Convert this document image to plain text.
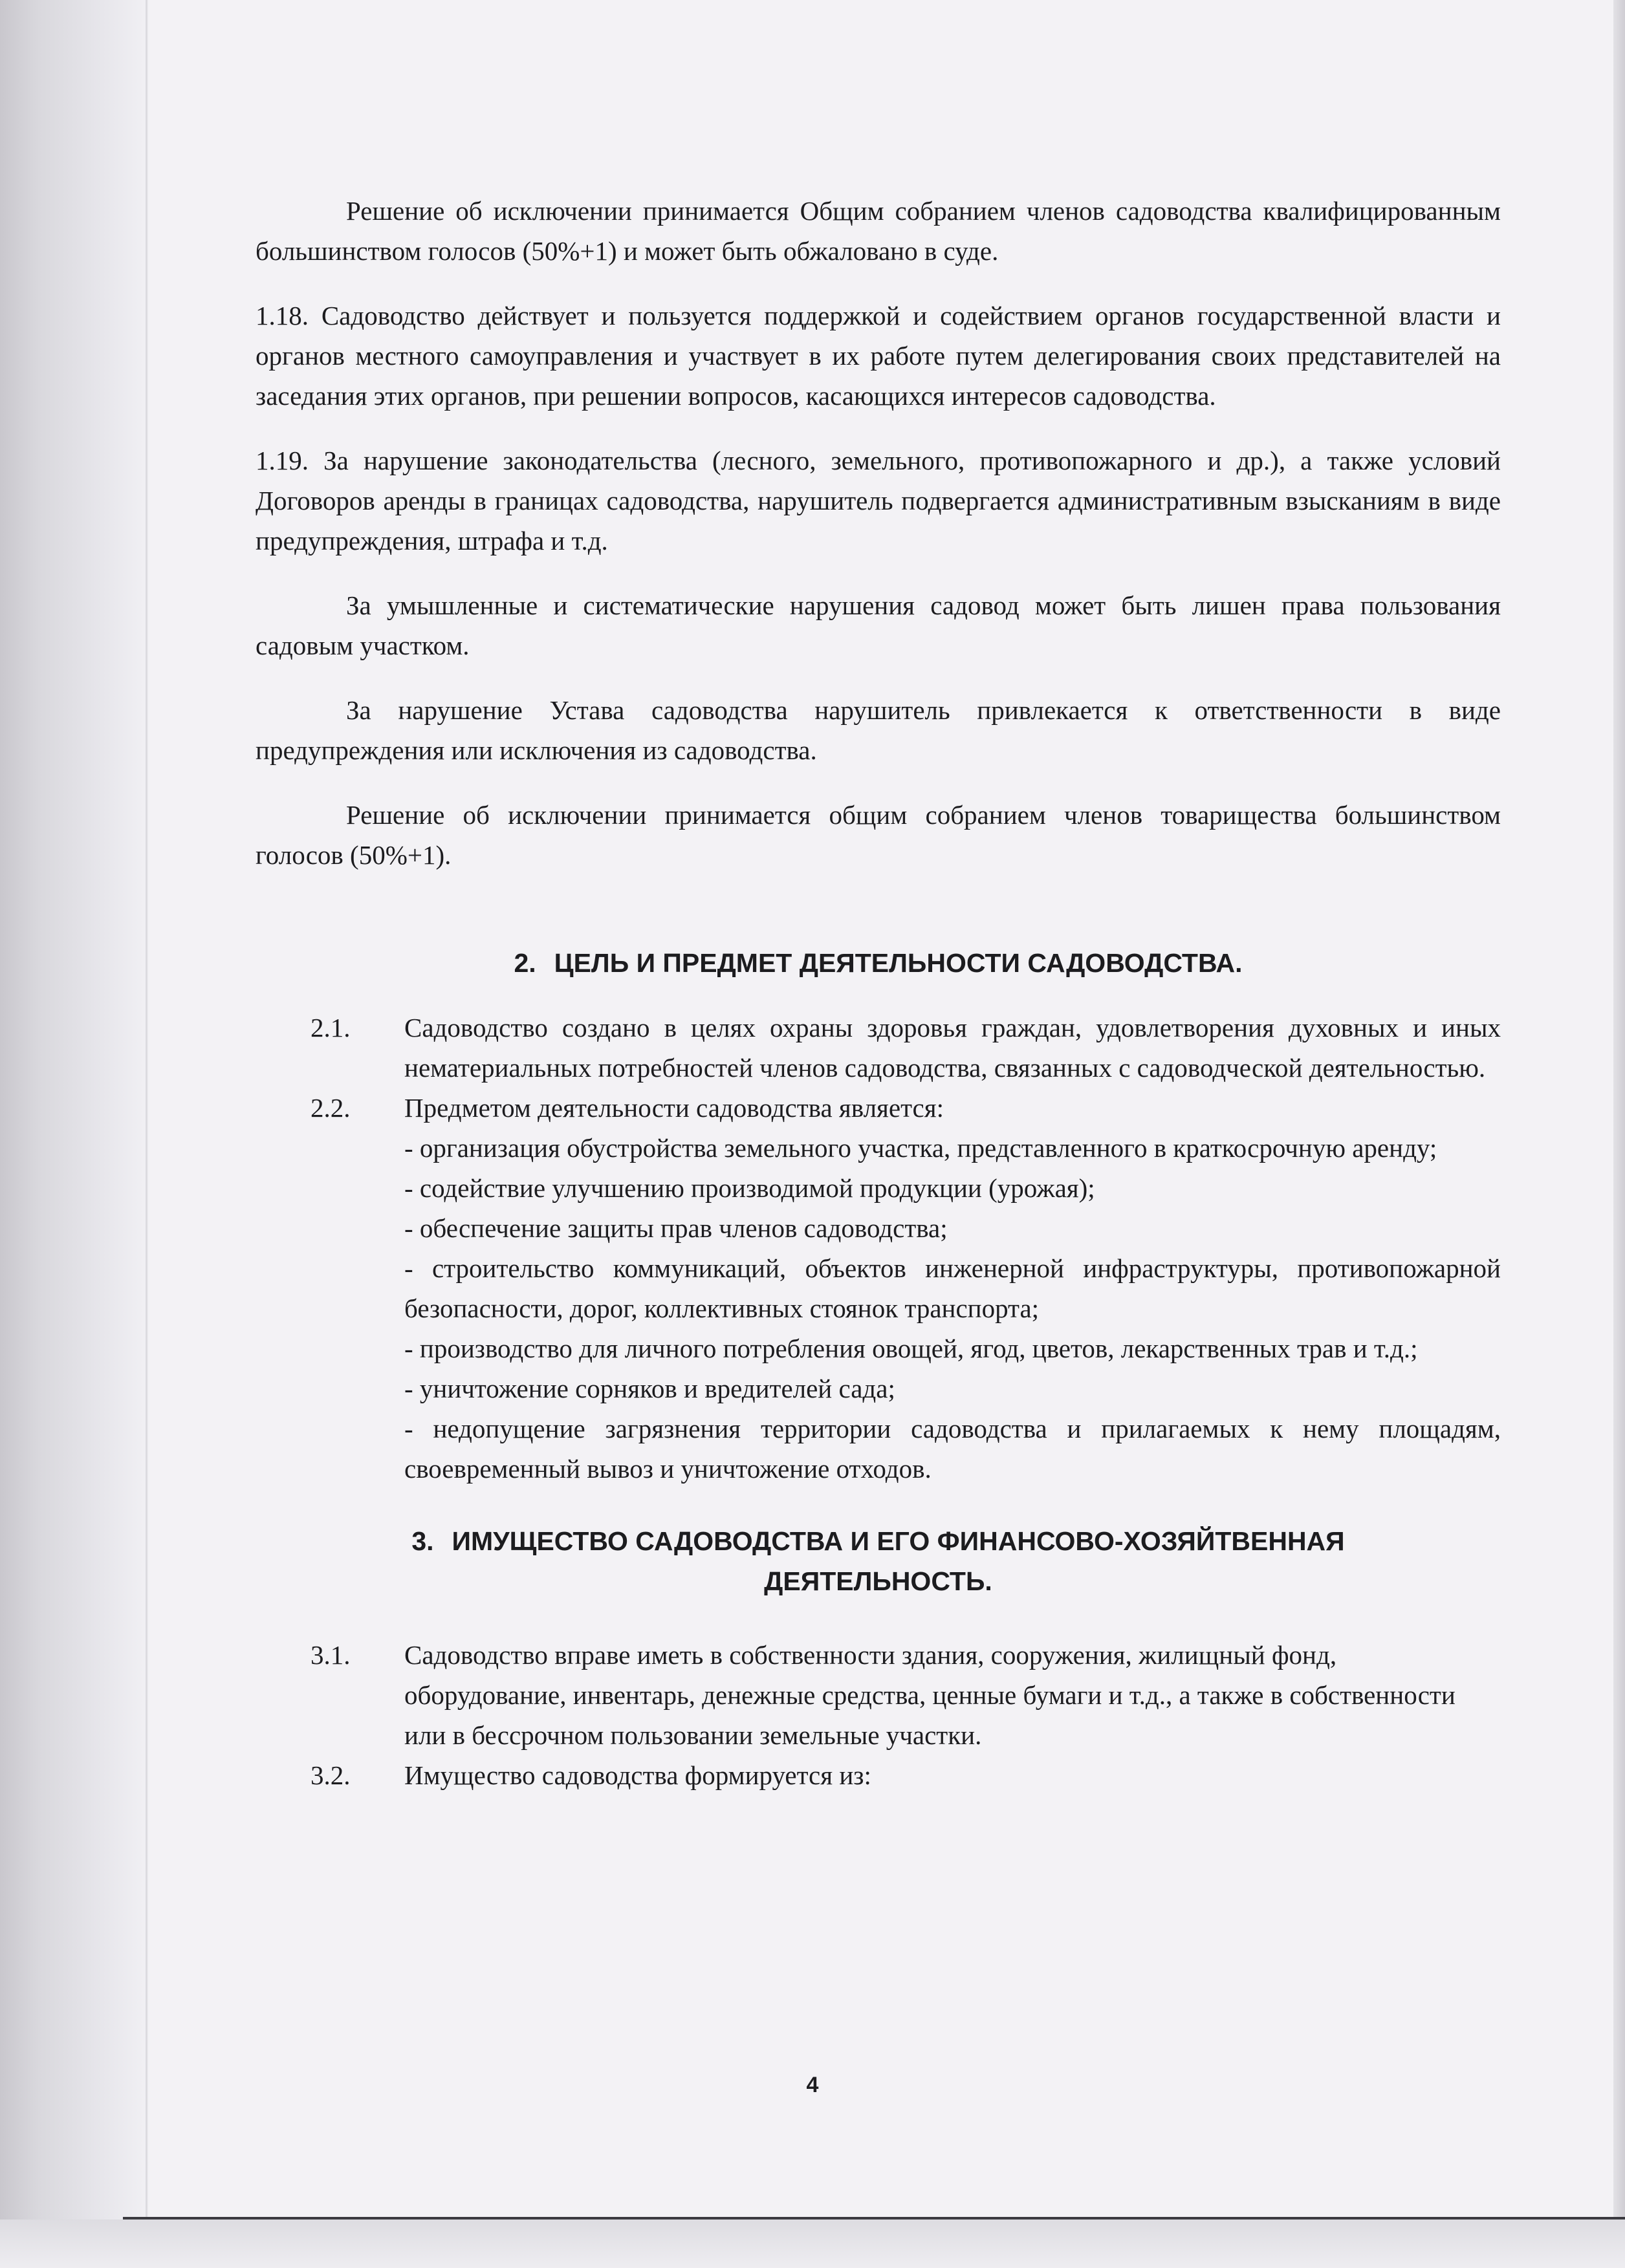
Решение об исключении принимается Общим собранием членов садоводства квалифицированным большинством голосов (50%+1) и может быть обжаловано в суде.

1.18. Садоводство действует и пользуется поддержкой и содействием органов государственной власти и органов местного самоуправления и участвует в их работе путем делегирования своих представителей на заседания этих органов, при решении вопросов, касающихся интересов садоводства.

1.19. За нарушение законодательства (лесного, земельного, противопожарного и др.), а также условий Договоров аренды в границах садоводства, нарушитель подвергается административным взысканиям в виде предупреждения, штрафа и т.д.

За умышленные и систематические нарушения садовод может быть лишен права пользования садовым участком.

За нарушение Устава садоводства нарушитель привлекается к ответственности в виде предупреждения или исключения из садоводства.

Решение об исключении принимается общим собранием членов товарищества большинством голосов (50%+1).

2. ЦЕЛЬ И ПРЕДМЕТ ДЕЯТЕЛЬНОСТИ САДОВОДСТВА.
2.1.	Садоводство создано в целях охраны здоровья граждан, удовлетворения духовных и иных нематериальных потребностей членов садоводства, связанных с садоводческой деятельностью.

2.2.	Предметом деятельности садоводства является:

- организация обустройства земельного участка, представленного в краткосрочную аренду;

- содействие улучшению производимой продукции (урожая);

- обеспечение защиты прав членов садоводства;

- строительство коммуникаций, объектов инженерной инфраструктуры, противопожарной безопасности, дорог, коллективных стоянок транспорта;

- производство для личного потребления овощей, ягод, цветов, лекарственных трав и т.д.;

- уничтожение сорняков и вредителей сада;

- недопущение загрязнения территории садоводства и прилагаемых к нему площадям, своевременный вывоз и уничтожение отходов.

3. ИМУЩЕСТВО САДОВОДСТВА И ЕГО ФИНАНСОВО-ХОЗЯЙТВЕННАЯ
ДЕЯТЕЛЬНОСТЬ.
3.1.	Садоводство вправе иметь в собственности здания, сооружения, жилищный фонд, оборудование, инвентарь, денежные средства, ценные бумаги и т.д., а также в собственности или в бессрочном пользовании земельные участки.

3.2.	Имущество садоводства формируется из:

4
